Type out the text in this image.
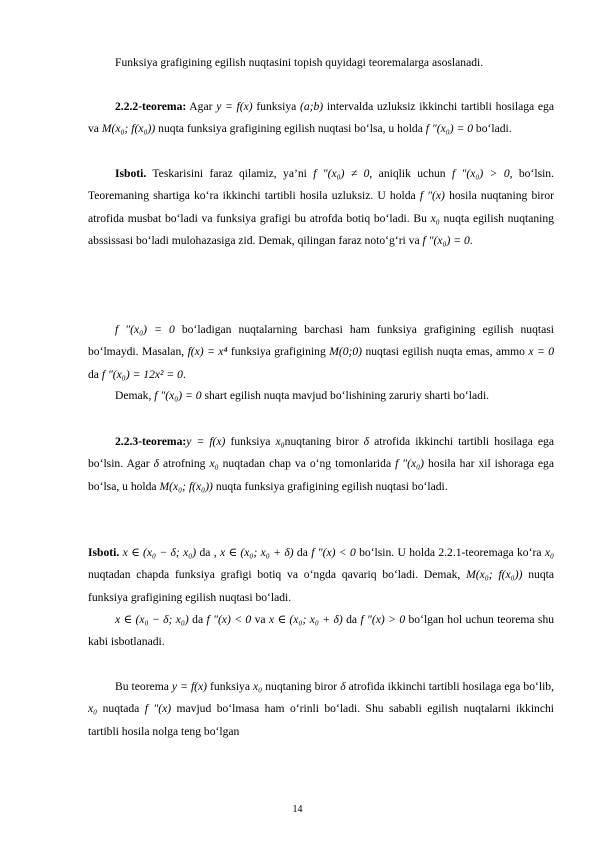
Funksiya grafigining egilish nuqtasini topish quyidagi teoremalarga asoslanadi.
2.2.2-teorema: Agar y = f(x) funksiya (a;b) intervalda uzluksiz ikkinchi tartibli hosilaga ega va M(x₀; f(x₀)) nuqta funksiya grafigining egilish nuqtasi bo‘lsa, u holda f ″(x₀) = 0 bo‘ladi.
Isboti. Teskarisini faraz qilamiz, ya’ni f ″(x₀) ≠ 0, aniqlik uchun f ″(x₀) > 0, bo‘lsin. Teoremaning shartiga ko‘ra ikkinchi tartibli hosila uzluksiz. U holda f ″(x) hosila nuqtaning biror atrofida musbat bo‘ladi va funksiya grafigi bu atrofda botiq bo‘ladi. Bu x₀ nuqta egilish nuqtaning abssissasi bo‘ladi mulohazasiga zid. Demak, qilingan faraz noto‘g‘ri va f ″(x₀) = 0.
f ″(x₀) = 0 bo‘ladigan nuqtalarning barchasi ham funksiya grafigining egilish nuqtasi bo‘lmaydi. Masalan, f(x) = x⁴ funksiya grafigining M(0;0) nuqtasi egilish nuqta emas, ammo x = 0 da f ″(x₀) = 12x² = 0.
Demak, f ″(x₀) = 0 shart egilish nuqta mavjud bo‘lishining zaruriy sharti bo‘ladi.
2.2.3-teorema:y = f(x) funksiya x₀nuqtaning biror δ atrofida ikkinchi tartibli hosilaga ega bo‘lsin. Agar δ atrofning x₀ nuqtadan chap va o‘ng tomonlarida f ″(x₀) hosila har xil ishoraga ega bo‘lsa, u holda M(x₀; f(x₀)) nuqta funksiya grafigining egilish nuqtasi bo‘ladi.
Isboti. x ∈ (x₀ − δ; x₀) da , x ∈ (x₀; x₀ + δ) da f ″(x) < 0 bo‘lsin. U holda 2.2.1-teoremaga ko‘ra x₀ nuqtadan chapda funksiya grafigi botiq va o‘ngda qavariq bo‘ladi. Demak, M(x₀; f(x₀)) nuqta funksiya grafigining egilish nuqtasi bo‘ladi.
x ∈ (x₀ − δ; x₀) da f ″(x) < 0 va x ∈ (x₀; x₀ + δ) da f ″(x) > 0 bo‘lgan hol uchun teorema shu kabi isbotlanadi.
Bu teorema y = f(x) funksiya x₀ nuqtaning biror δ atrofida ikkinchi tartibli hosilaga ega bo‘lib, x₀ nuqtada f ″(x) mavjud bo‘lmasa ham o‘rinli bo‘ladi. Shu sababli egilish nuqtalarni ikkinchi tartibli hosila nolga teng bo‘lgan
14
